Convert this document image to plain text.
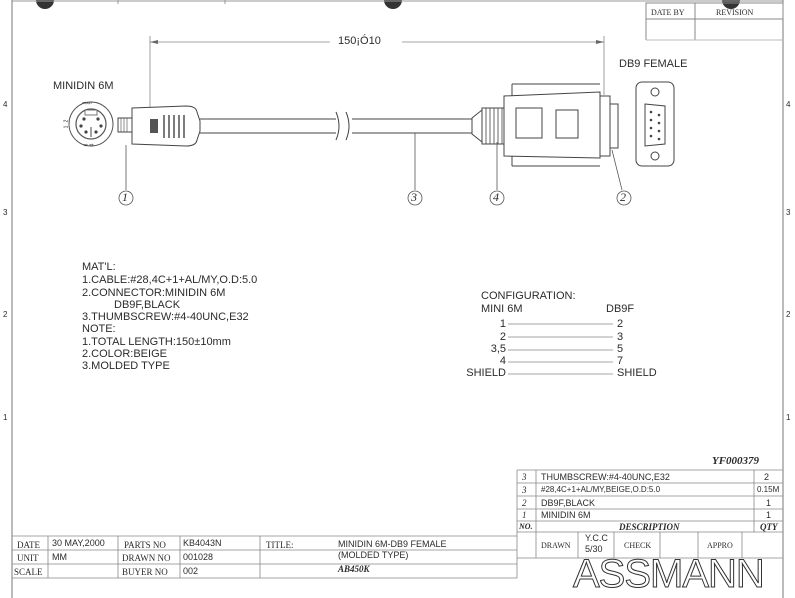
DATE BY	REVISION
4
3
2
1
4
3
2
1
150¡Ó10
MINIDIN 6M
DB9 FEMALE
3 5
2
1
6 4
1	3	4	2
MAT'L:
1.CABLE:#28,4C+1+AL/MY,O.D:5.0
2.CONNECTOR:MINIDIN 6M
DB9F,BLACK
3.THUMBSCREW:#4-40UNC,E32
NOTE:
1.TOTAL LENGTH:150±10mm
2.COLOR:BEIGE
3.MOLDED TYPE
CONFIGURATION:
MINI 6M	DB9F
1	2
2	3
3,5	5
4	7
SHIELD	SHIELD
YF000379
3 THUMBSCREW:#4-40UNC,E32	2
3 #28,4C+1+AL/MY,BEIGE,O.D:5.0	0.15M
2 DB9F,BLACK	1
1 MINIDIN 6M	1
NO.	DESCRIPTION	QTY
DATE 30 MAY,2000
UNIT MM
SCALE
PARTS NO KB4043N
DRAWN NO 001028
BUYER NO 002
TITLE:	MINIDIN 6M-DB9 FEMALE
(MOLDED TYPE)
AB450K
DRAWN
Y.C.C
5/30	CHECK	APPRO
ASSMANN
